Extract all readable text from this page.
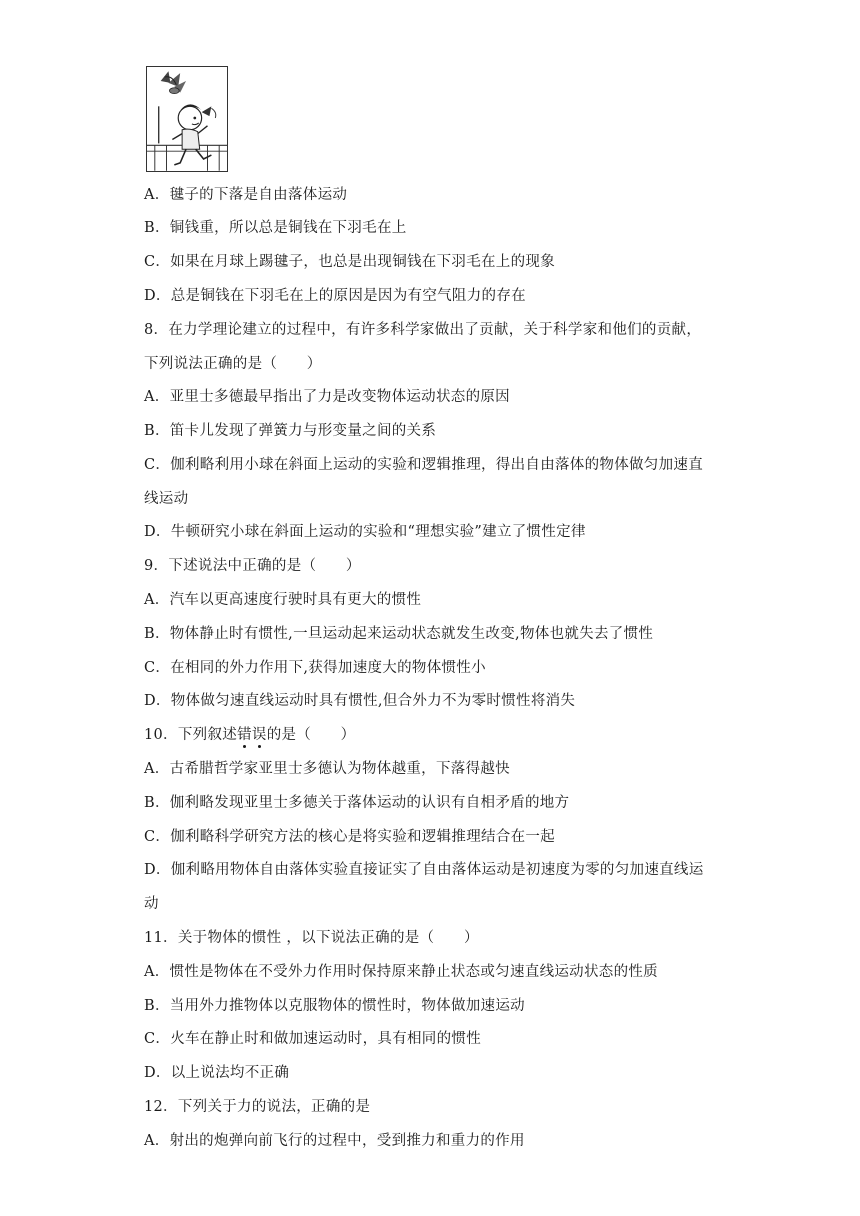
A．毽子的下落是自由落体运动
B．铜钱重，所以总是铜钱在下羽毛在上
C．如果在月球上踢毽子，也总是出现铜钱在下羽毛在上的现象
D．总是铜钱在下羽毛在上的原因是因为有空气阻力的存在
8．在力学理论建立的过程中，有许多科学家做出了贡献，关于科学家和他们的贡献，
下列说法正确的是（　　）
A．亚里士多德最早指出了力是改变物体运动状态的原因
B．笛卡儿发现了弹簧力与形变量之间的关系
C．伽利略利用小球在斜面上运动的实验和逻辑推理，得出自由落体的物体做匀加速直
线运动
D．牛顿研究小球在斜面上运动的实验和“理想实验”建立了惯性定律
9．下述说法中正确的是（　　）
A．汽车以更高速度行驶时具有更大的惯性
B．物体静止时有惯性,一旦运动起来运动状态就发生改变,物体也就失去了惯性
C．在相同的外力作用下,获得加速度大的物体惯性小
D．物体做匀速直线运动时具有惯性,但合外力不为零时惯性将消失
10．下列叙述错误的是（　　）
A．古希腊哲学家亚里士多德认为物体越重，下落得越快
B．伽利略发现亚里士多德关于落体运动的认识有自相矛盾的地方
C．伽利略科学研究方法的核心是将实验和逻辑推理结合在一起
D．伽利略用物体自由落体实验直接证实了自由落体运动是初速度为零的匀加速直线运
动
11．关于物体的惯性 ，以下说法正确的是（　　）
A．惯性是物体在不受外力作用时保持原来静止状态或匀速直线运动状态的性质
B．当用外力推物体以克服物体的惯性时，物体做加速运动
C．火车在静止时和做加速运动时，具有相同的惯性
D．以上说法均不正确
12．下列关于力的说法，正确的是
A．射出的炮弹向前飞行的过程中，受到推力和重力的作用
